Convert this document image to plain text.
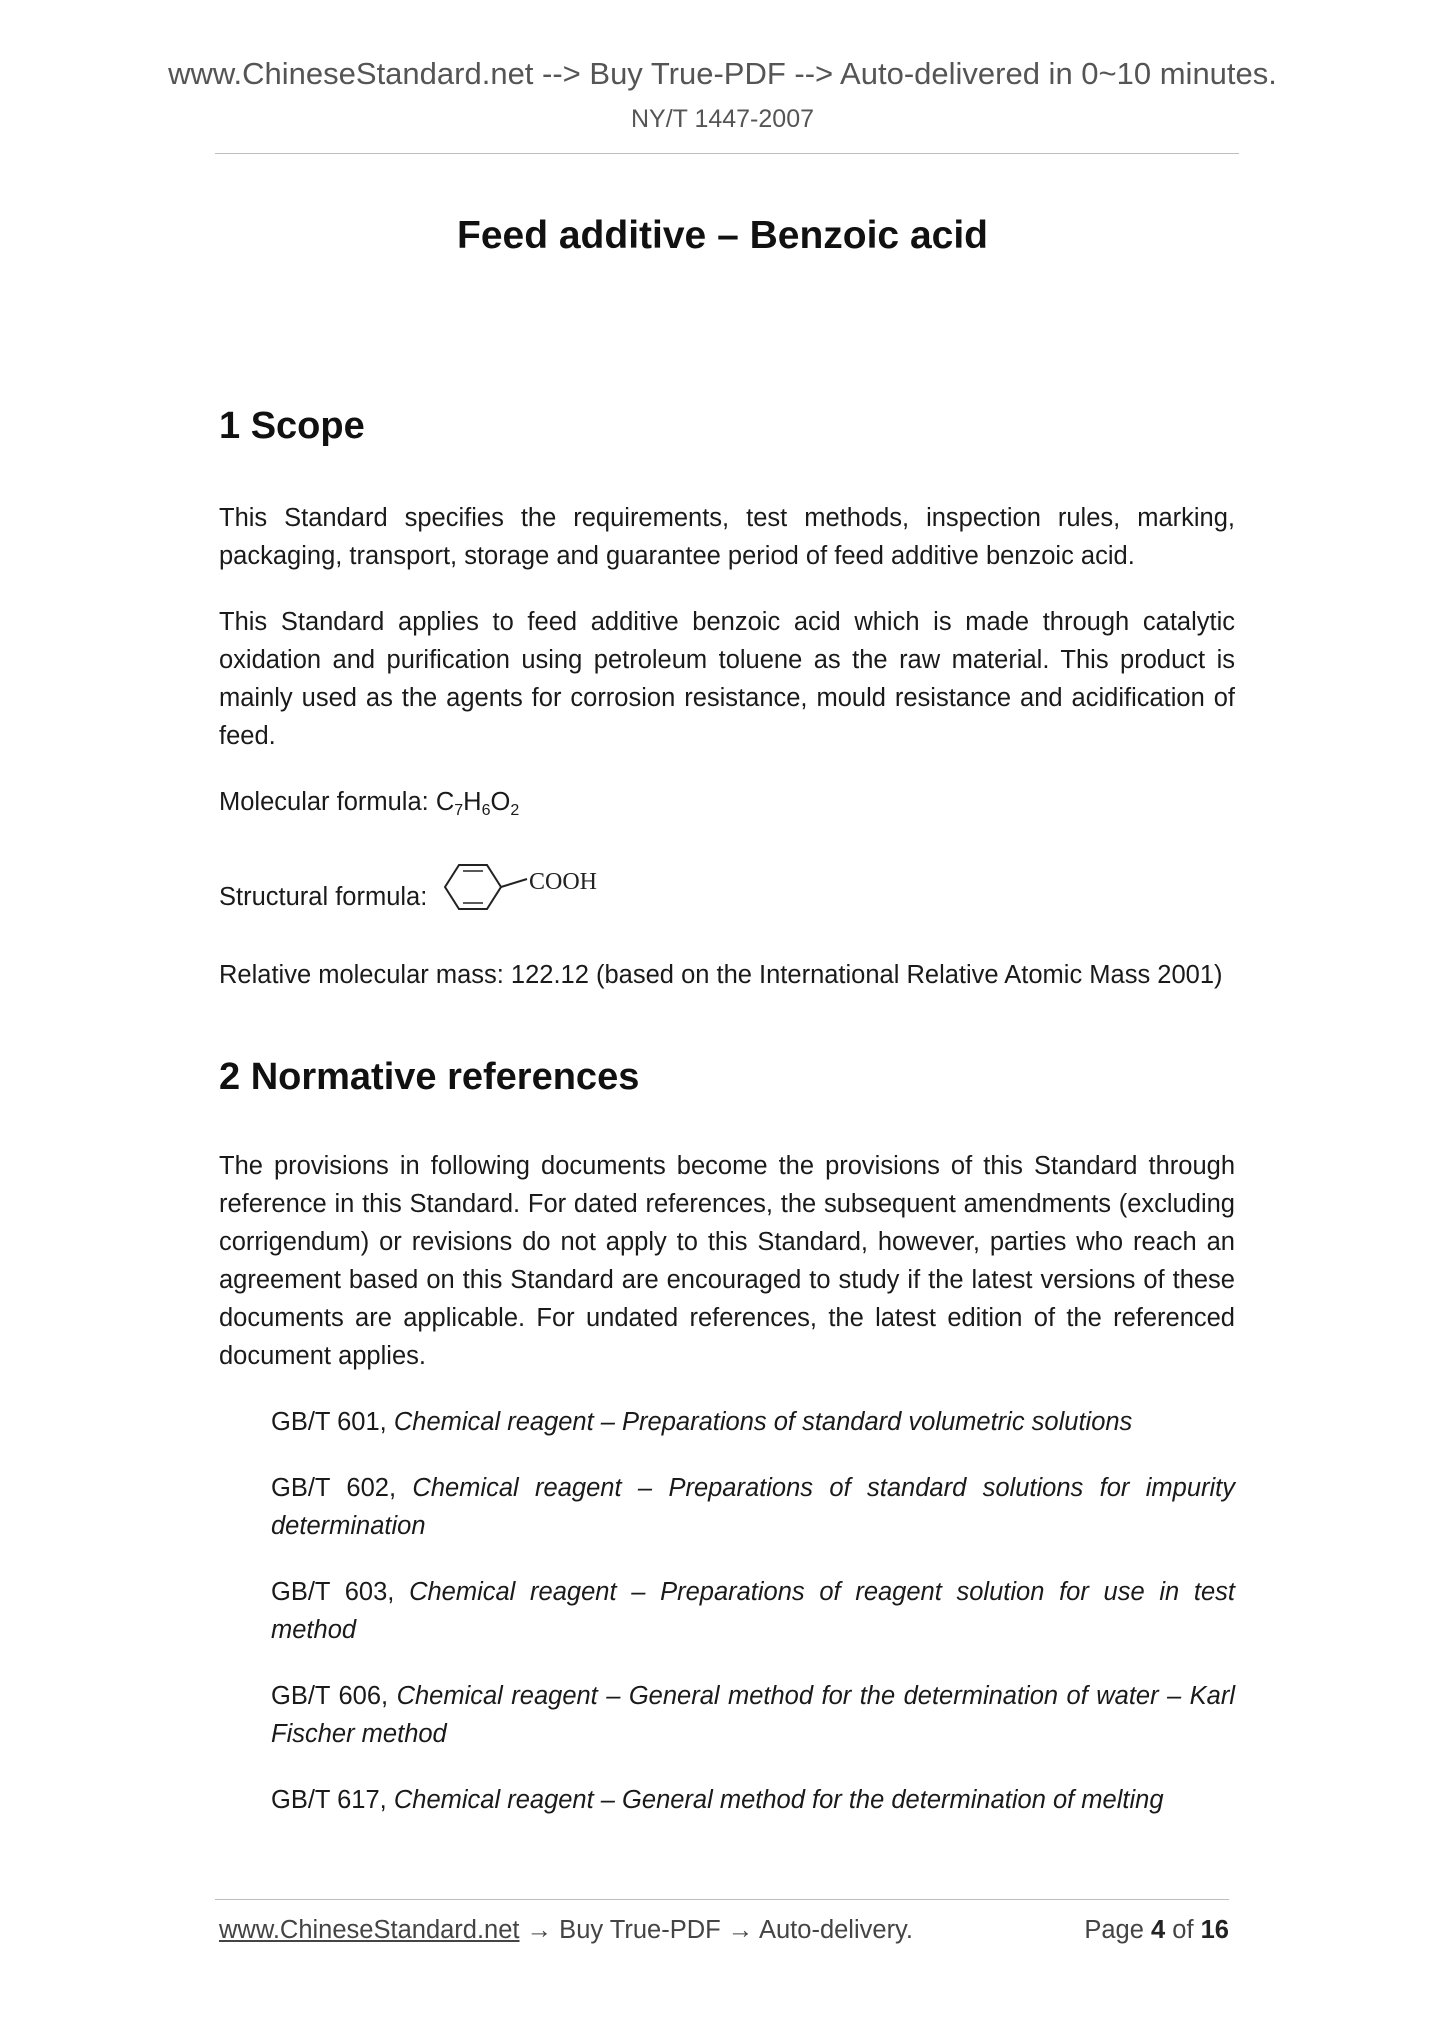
www.ChineseStandard.net --> Buy True-PDF --> Auto-delivered in 0~10 minutes.
NY/T 1447-2007
Feed additive – Benzoic acid
1 Scope

This Standard specifies the requirements, test methods, inspection rules, marking, packaging, transport, storage and guarantee period of feed additive benzoic acid.

This Standard applies to feed additive benzoic acid which is made through catalytic oxidation and purification using petroleum toluene as the raw material. This product is mainly used as the agents for corrosion resistance, mould resistance and acidification of feed.

Molecular formula: $C_7H_6O_2$

Structural formula:
COOH

Relative molecular mass: 122.12 (based on the International Relative Atomic Mass 2001)

2 Normative references

The provisions in following documents become the provisions of this Standard through reference in this Standard. For dated references, the subsequent amendments (excluding corrigendum) or revisions do not apply to this Standard, however, parties who reach an agreement based on this Standard are encouraged to study if the latest versions of these documents are applicable. For undated references, the latest edition of the referenced document applies.

GB/T 601, Chemical reagent – Preparations of standard volumetric solutions

GB/T 602, Chemical reagent – Preparations of standard solutions for impurity determination

GB/T 603, Chemical reagent – Preparations of reagent solution for use in test method

GB/T 606, Chemical reagent – General method for the determination of water – Karl Fischer method

GB/T 617, Chemical reagent – General method for the determination of melting

www.ChineseStandard.net → Buy True-PDF → Auto-delivery.	Page 4 of 16
